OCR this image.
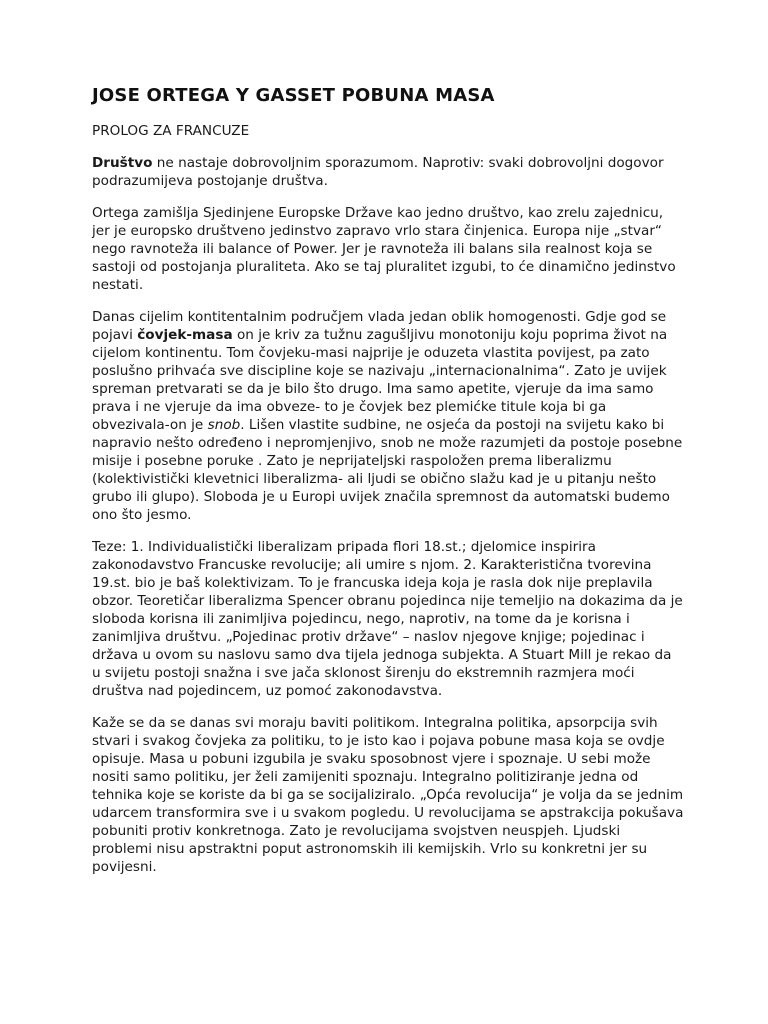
JOSE ORTEGA Y GASSET POBUNA MASA
PROLOG ZA FRANCUZE

Društvo ne nastaje dobrovoljnim sporazumom. Naprotiv: svaki dobrovoljni dogovor podrazumijeva postojanje društva.

Ortega zamišlja Sjedinjene Europske Države kao jedno društvo, kao zrelu zajednicu, jer je europsko društveno jedinstvo zapravo vrlo stara činjenica. Europa nije „stvar“ nego ravnoteža ili balance of Power. Jer je ravnoteža ili balans sila realnost koja se sastoji od postojanja pluraliteta. Ako se taj pluralitet izgubi, to će dinamično jedinstvo nestati.

Danas cijelim kontitentalnim područjem vlada jedan oblik homogenosti. Gdje god se pojavi čovjek-masa on je kriv za tužnu zagušljivu monotoniju koju poprima život na cijelom kontinentu. Tom čovjeku-masi najprije je oduzeta vlastita povijest, pa zato poslušno prihvaća sve discipline koje se nazivaju „internacionalnima“. Zato je uvijek spreman pretvarati se da je bilo što drugo. Ima samo apetite, vjeruje da ima samo prava i ne vjeruje da ima obveze- to je čovjek bez plemićke titule koja bi ga obvezivala-on je snob. Lišen vlastite sudbine, ne osjeća da postoji na svijetu kako bi napravio nešto određeno i nepromjenjivo, snob ne može razumjeti da postoje posebne misije i posebne poruke . Zato je neprijateljski raspoložen prema liberalizmu (kolektivistički klevetnici liberalizma- ali ljudi se obično slažu kad je u pitanju nešto grubo ili glupo). Sloboda je u Europi uvijek značila spremnost da automatski budemo ono što jesmo.

Teze: 1. Individualistički liberalizam pripada flori 18.st.; djelomice inspirira zakonodavstvo Francuske revolucije; ali umire s njom. 2. Karakteristična tvorevina 19.st. bio je baš kolektivizam. To je francuska ideja koja je rasla dok nije preplavila obzor. Teoretičar liberalizma Spencer obranu pojedinca nije temeljio na dokazima da je sloboda korisna ili zanimljiva pojedincu, nego, naprotiv, na tome da je korisna i zanimljiva društvu. „Pojedinac protiv države“ – naslov njegove knjige; pojedinac i država u ovom su naslovu samo dva tijela jednoga subjekta. A Stuart Mill je rekao da u svijetu postoji snažna i sve jača sklonost širenju do ekstremnih razmjera moći društva nad pojedincem, uz pomoć zakonodavstva.

Kaže se da se danas svi moraju baviti politikom. Integralna politika, apsorpcija svih stvari i svakog čovjeka za politiku, to je isto kao i pojava pobune masa koja se ovdje opisuje. Masa u pobuni izgubila je svaku sposobnost vjere i spoznaje. U sebi može nositi samo politiku, jer želi zamijeniti spoznaju. Integralno politiziranje jedna od tehnika koje se koriste da bi ga se socijaliziralo. „Opća revolucija“ je volja da se jednim udarcem transformira sve i u svakom pogledu. U revolucijama se apstrakcija pokušava pobuniti protiv konkretnoga. Zato je revolucijama svojstven neuspjeh. Ljudski problemi nisu apstraktni poput astronomskih ili kemijskih. Vrlo su konkretni jer su povijesni.
